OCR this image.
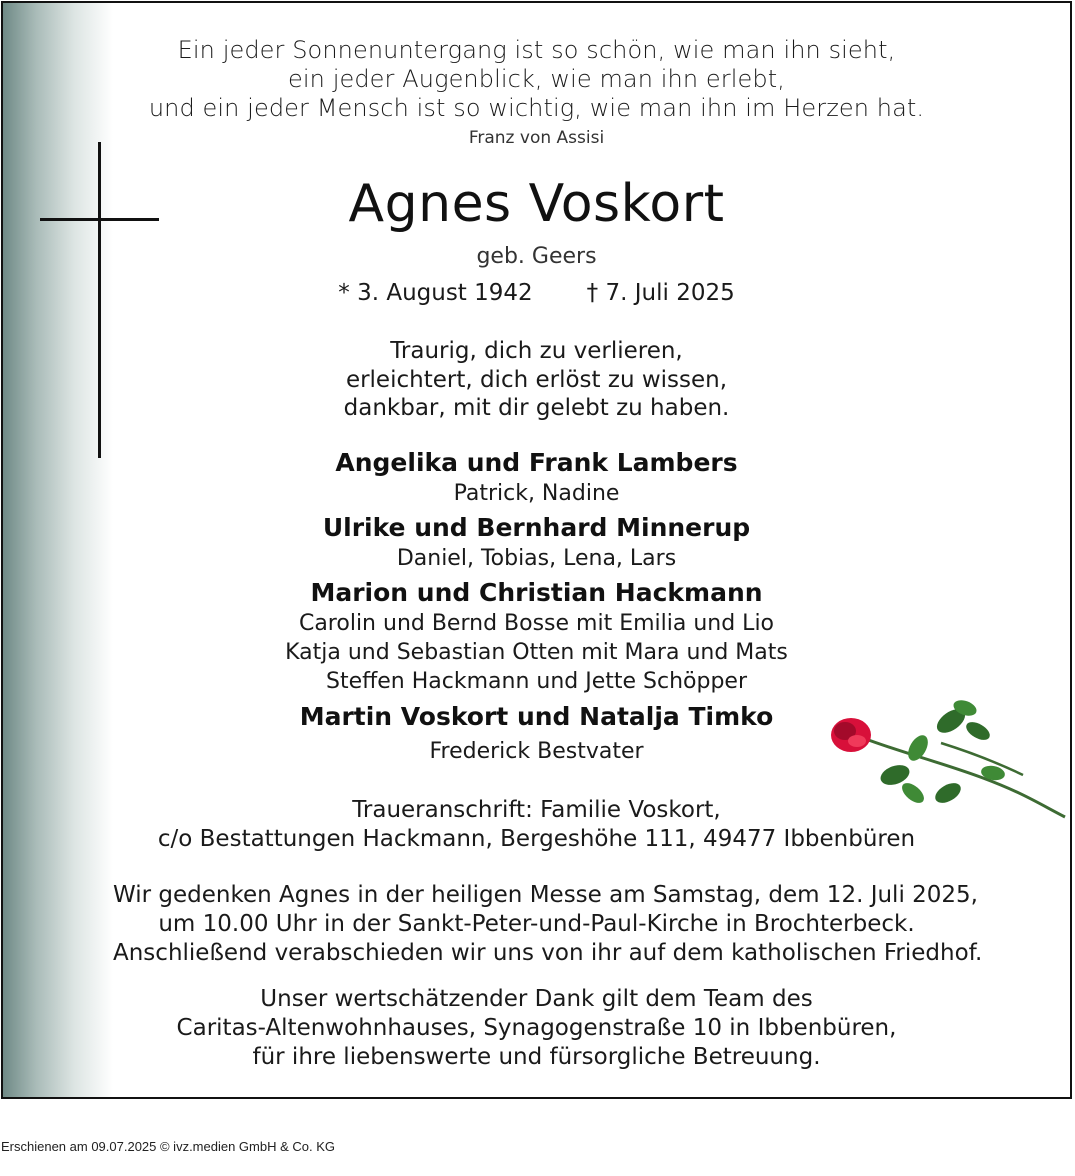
Ein jeder Sonnenuntergang ist so schön, wie man ihn sieht,
ein jeder Augenblick, wie man ihn erlebt,
und ein jeder Mensch ist so wichtig, wie man ihn im Herzen hat.
Franz von Assisi
Agnes Voskort
geb. Geers
* 3. August 1942 † 7. Juli 2025
Traurig, dich zu verlieren,
erleichtert, dich erlöst zu wissen,
dankbar, mit dir gelebt zu haben.
Angelika und Frank Lambers
Patrick, Nadine
Ulrike und Bernhard Minnerup
Daniel, Tobias, Lena, Lars
Marion und Christian Hackmann
Carolin und Bernd Bosse mit Emilia und Lio
Katja und Sebastian Otten mit Mara und Mats
Steffen Hackmann und Jette Schöpper
Martin Voskort und Natalja Timko
Frederick Bestvater
Traueranschrift: Familie Voskort,
c/o Bestattungen Hackmann, Bergeshöhe 111, 49477 Ibbenbüren
Wir gedenken Agnes in der heiligen Messe am Samstag, dem 12. Juli 2025,
um 10.00 Uhr in der Sankt-Peter-und-Paul-Kirche in Brochterbeck.
Anschließend verabschieden wir uns von ihr auf dem katholischen Friedhof.
Unser wertschätzender Dank gilt dem Team des
Caritas-Altenwohnhauses, Synagogenstraße 10 in Ibbenbüren,
für ihre liebenswerte und fürsorgliche Betreuung.
Erschienen am 09.07.2025 © ivz.medien GmbH & Co. KG
